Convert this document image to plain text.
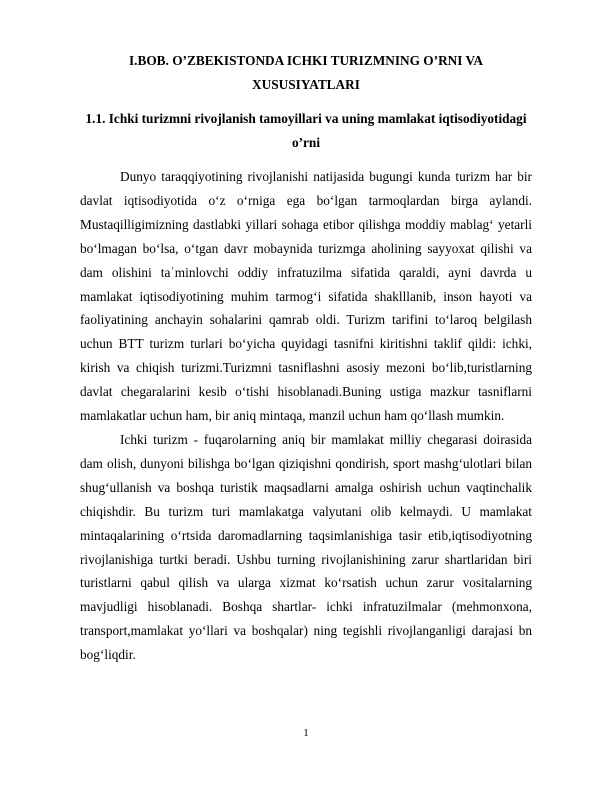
I.BOB. O’ZBEKISTONDA ICHKI TURIZMNING O’RNI VA XUSUSIYATLARI
1.1. Ichki turizmni rivojlanish tamoyillari va uning mamlakat iqtisodiyotidagi o’rni

Dunyo taraqqiyotining rivojlanishi natijasida bugungi kunda turizm har bir davlat iqtisodiyotida o‘z o‘rniga ega bo‘lgan tarmoqlardan birga aylandi. Mustaqilligimizning dastlabki yillari sohaga etibor qilishga moddiy mablag‘ yetarli bo‘lmagan bo‘lsa, o‘tgan davr mobaynida turizmga aholining sayyoxat qilishi va dam olishini taʾminlovchi oddiy infratuzilma sifatida qaraldi, ayni davrda u mamlakat iqtisodiyotining muhim tarmog‘i sifatida shaklllanib, inson hayoti va faoliyatining anchayin sohalarini qamrab oldi. Turizm tarifini to‘laroq belgilash uchun BTT turizm turlari bo‘yicha quyidagi tasnifni kiritishni taklif qildi: ichki, kirish va chiqish turizmi.Turizmni tasniflashni asosiy mezoni bo‘lib,turistlarning davlat chegaralarini kesib o‘tishi hisoblanadi.Buning ustiga mazkur tasniflarni mamlakatlar uchun ham, bir aniq mintaqa, manzil uchun ham qo‘llash mumkin.

Ichki turizm - fuqarolarning aniq bir mamlakat milliy chegarasi doirasida dam olish, dunyoni bilishga bo‘lgan qiziqishni qondirish, sport mashg‘ulotlari bilan shug‘ullanish va boshqa turistik maqsadlarni amalga oshirish uchun vaqtinchalik chiqishdir. Bu turizm turi mamlakatga valyutani olib kelmaydi. U mamlakat mintaqalarining o‘rtsida daromadlarning taqsimlanishiga tasir etib,iqtisodiyotning rivojlanishiga turtki beradi. Ushbu turning rivojlanishining zarur shartlaridan biri turistlarni qabul qilish va ularga xizmat ko‘rsatish uchun zarur vositalarning mavjudligi hisoblanadi. Boshqa shartlar- ichki infratuzilmalar (mehmonxona, transport,mamlakat yo‘llari va boshqalar) ning tegishli rivojlanganligi darajasi bn bog‘liqdir.

1
